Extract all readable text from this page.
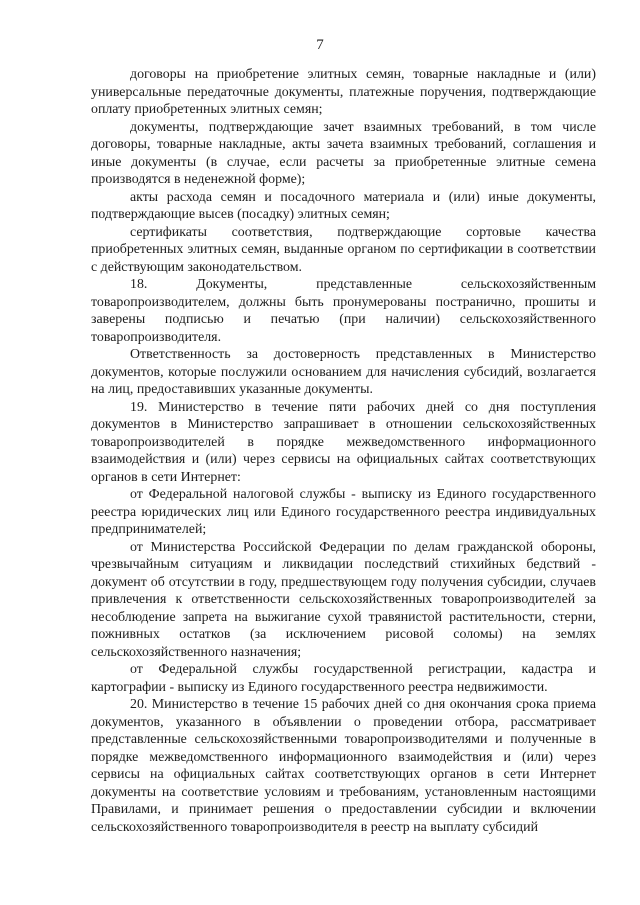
7

договоры на приобретение элитных семян, товарные накладные и (или) универсальные передаточные документы, платежные поручения, подтверждающие оплату приобретенных элитных семян;

документы, подтверждающие зачет взаимных требований, в том числе договоры, товарные накладные, акты зачета взаимных требований, соглашения и иные документы (в случае, если расчеты за приобретенные элитные семена производятся в неденежной форме);

акты расхода семян и посадочного материала и (или) иные документы, подтверждающие высев (посадку) элитных семян;

сертификаты соответствия, подтверждающие сортовые качества приобретенных элитных семян, выданные органом по сертификации в соответствии с действующим законодательством.

18. Документы, представленные сельскохозяйственным товаропроизводителем, должны быть пронумерованы постранично, прошиты и заверены подписью и печатью (при наличии) сельскохозяйственного товаропроизводителя.

Ответственность за достоверность представленных в Министерство документов, которые послужили основанием для начисления субсидий, возлагается на лиц, предоставивших указанные документы.

19. Министерство в течение пяти рабочих дней со дня поступления документов в Министерство запрашивает в отношении сельскохозяйственных товаропроизводителей в порядке межведомственного информационного взаимодействия и (или) через сервисы на официальных сайтах соответствующих органов в сети Интернет:

от Федеральной налоговой службы - выписку из Единого государственного реестра юридических лиц или Единого государственного реестра индивидуальных предпринимателей;

от Министерства Российской Федерации по делам гражданской обороны, чрезвычайным ситуациям и ликвидации последствий стихийных бедствий - документ об отсутствии в году, предшествующем году получения субсидии, случаев привлечения к ответственности сельскохозяйственных товаропроизводителей за несоблюдение запрета на выжигание сухой травянистой растительности, стерни, пожнивных остатков (за исключением рисовой соломы) на землях сельскохозяйственного назначения;

от Федеральной службы государственной регистрации, кадастра и картографии - выписку из Единого государственного реестра недвижимости.

20. Министерство в течение 15 рабочих дней со дня окончания срока приема документов, указанного в объявлении о проведении отбора, рассматривает представленные сельскохозяйственными товаропроизводителями и полученные в порядке межведомственного информационного взаимодействия и (или) через сервисы на официальных сайтах соответствующих органов в сети Интернет документы на соответствие условиям и требованиям, установленным настоящими Правилами, и принимает решения о предоставлении субсидии и включении сельскохозяйственного товаропроизводителя в реестр на выплату субсидий
